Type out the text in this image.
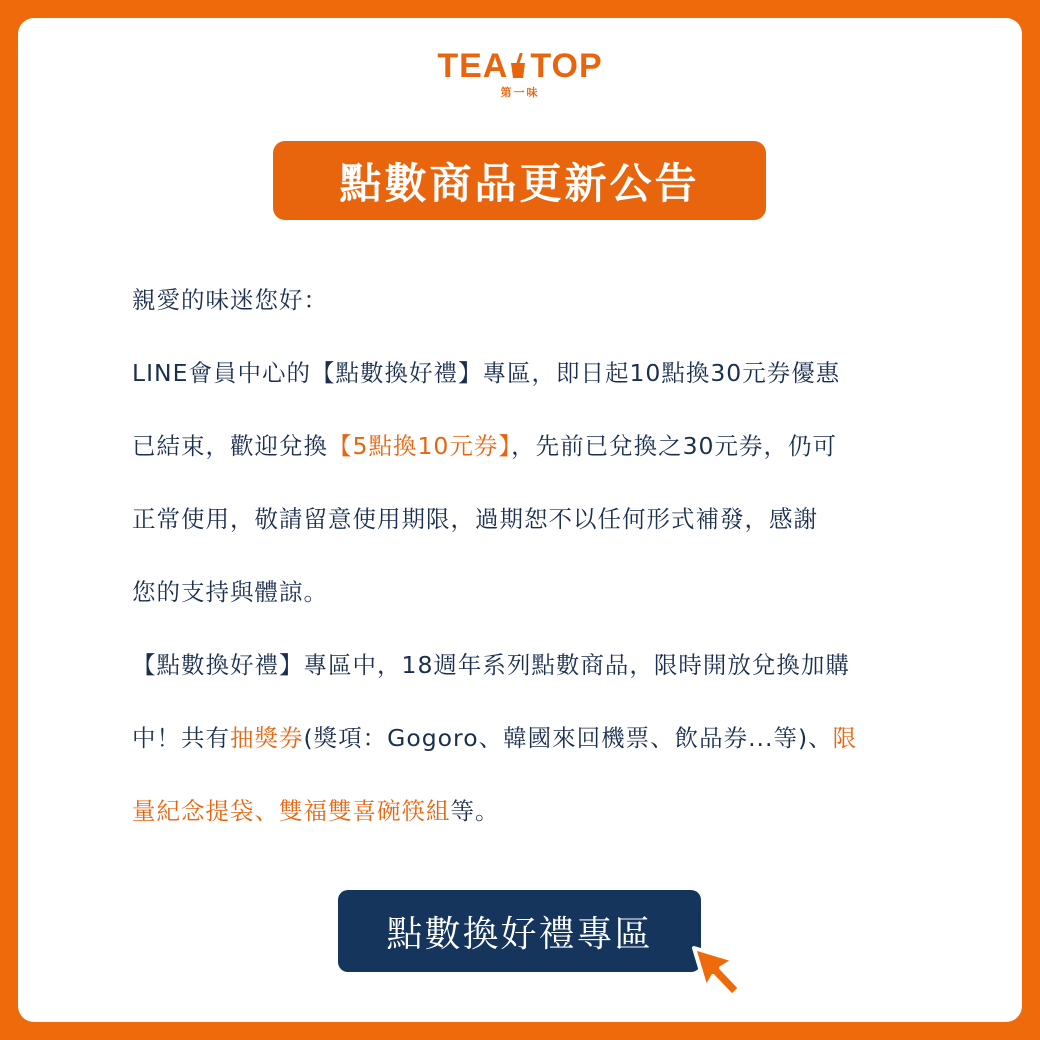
TEA TOP
第一味
點數商品更新公告
親愛的味迷您好：
LINE會員中心的【點數換好禮】專區，即日起10點換30元券優惠
已結束，歡迎兌換【5點換10元券】，先前已兌換之30元券，仍可
正常使用，敬請留意使用期限，過期恕不以任何形式補發，感謝
您的支持與體諒。
【點數換好禮】專區中，18週年系列點數商品，限時開放兌換加購
中！共有抽獎券(獎項：Gogoro、韓國來回機票、飲品券...等)、限
量紀念提袋、雙福雙喜碗筷組等。
點數換好禮專區
